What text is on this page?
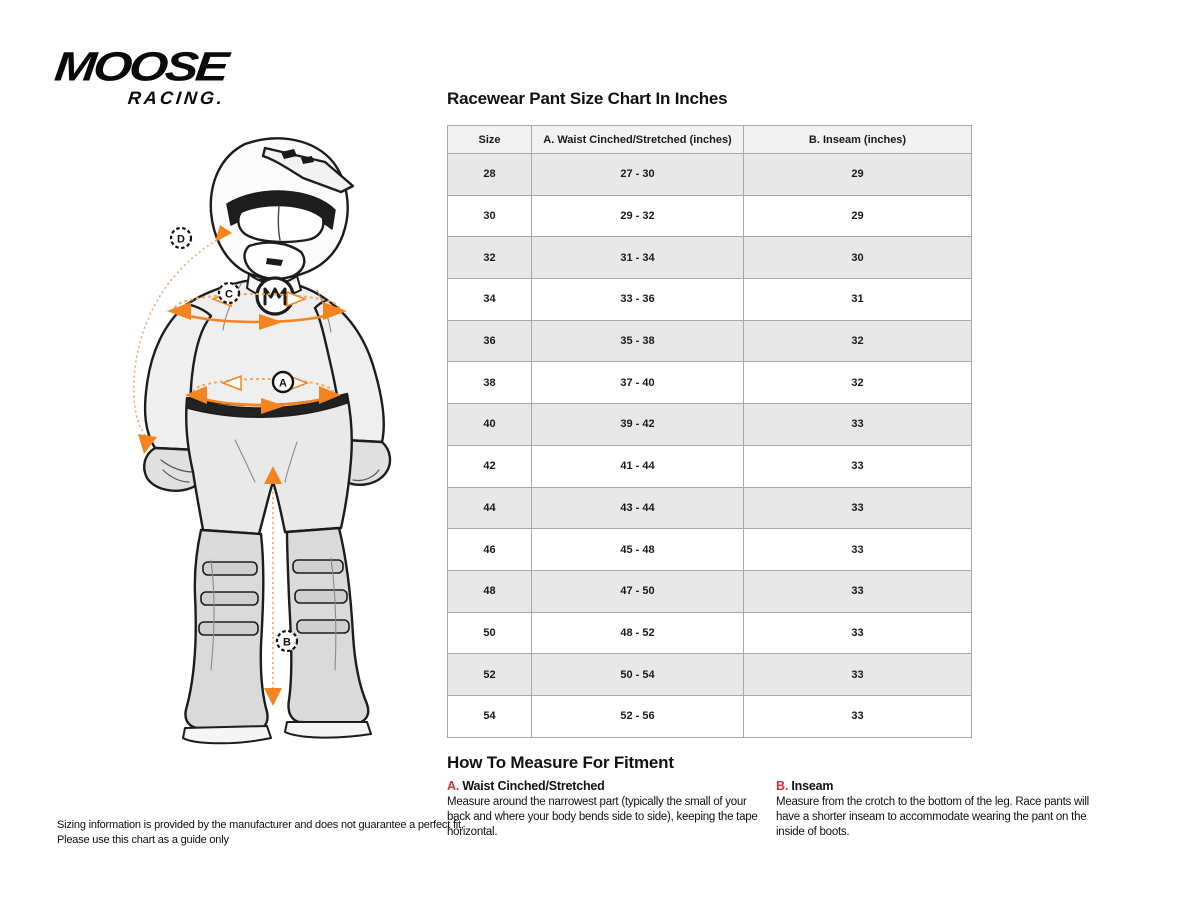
MOOSE
RACING.
A
B
C
D
Racewear Pant Size Chart In Inches
Size	A. Waist Cinched/Stretched (inches)	B. Inseam (inches)
28	27 - 30	29
30	29 - 32	29
32	31 - 34	30
34	33 - 36	31
36	35 - 38	32
38	37 - 40	32
40	39 - 42	33
42	41 - 44	33
44	43 - 44	33
46	45 - 48	33
48	47 - 50	33
50	48 - 52	33
52	50 - 54	33
54	52 - 56	33
How To Measure For Fitment
A. Waist Cinched/Stretched
Measure around the narrowest part (typically the small of your back and where your body bends side to side), keeping the tape horizontal.
B. Inseam
Measure from the crotch to the bottom of the leg. Race pants will have a shorter inseam to accommodate wearing the pant on the inside of boots.
Sizing information is provided by the manufacturer and does not guarantee a perfect fit.
Please use this chart as a guide only
